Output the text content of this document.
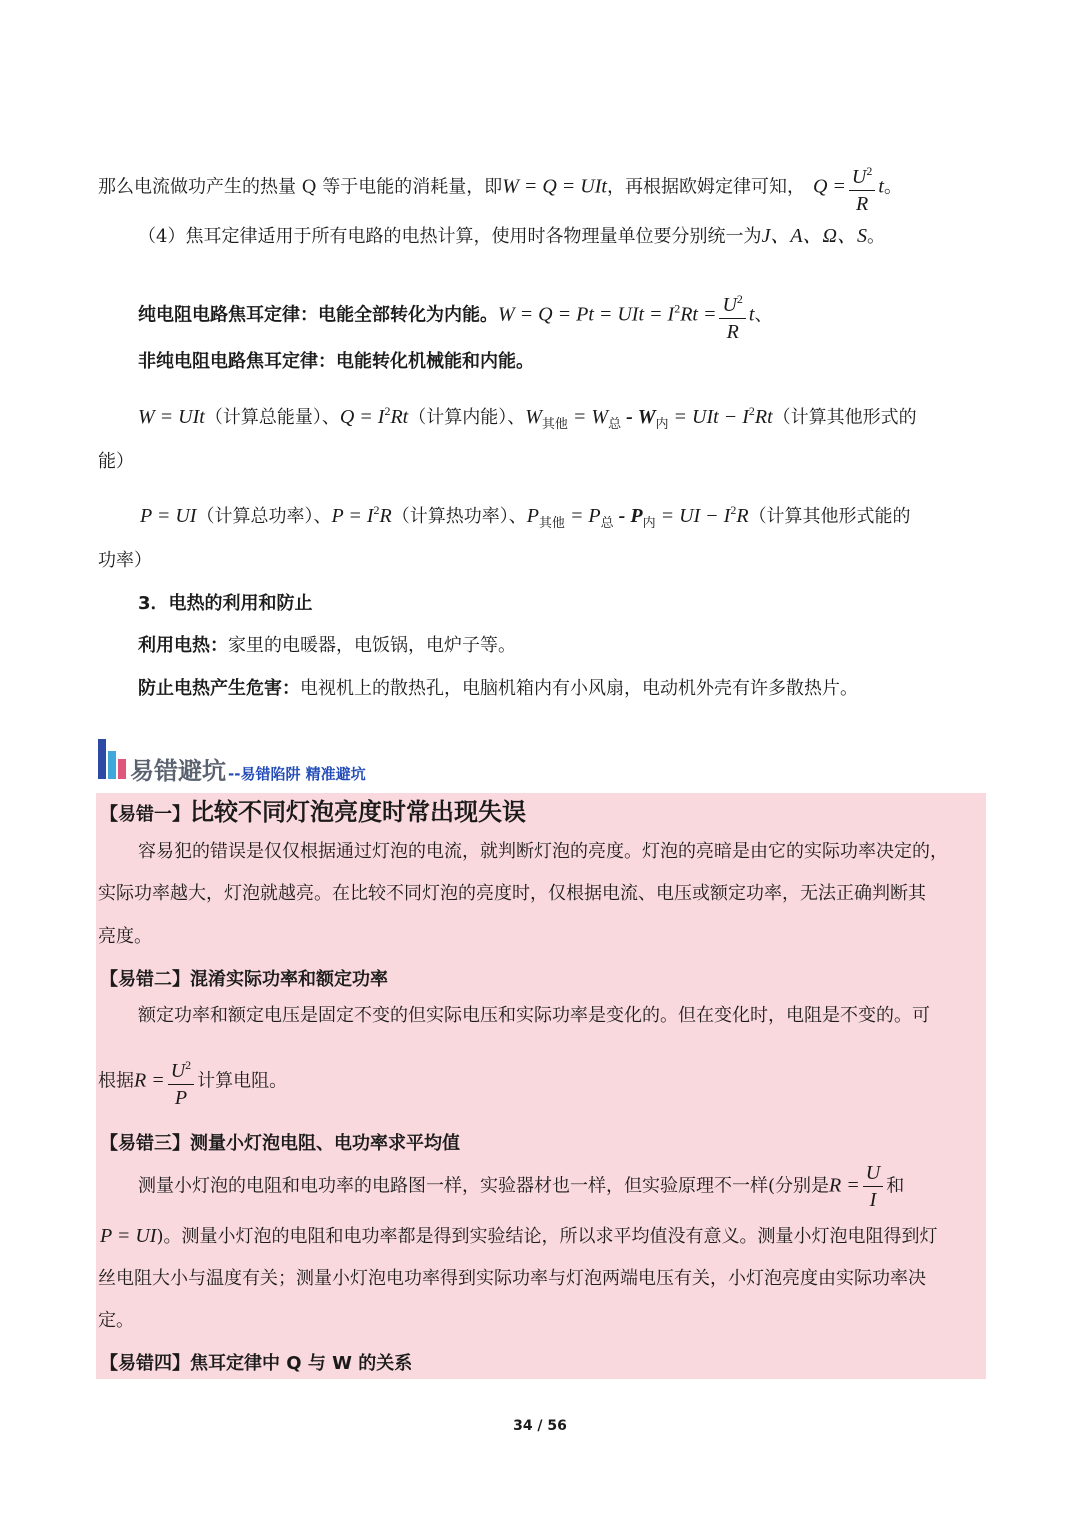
那么电流做功产生的热量 Q 等于电能的消耗量，即W = Q = UIt，再根据欧姆定律可知， $Q = \frac{U^2}{R}$ t。
（4）焦耳定律适用于所有电路的电热计算，使用时各物理量单位要分别统一为J、A、Ω、S。
纯电阻电路焦耳定律：电能全部转化为内能。W = Q = Pt = UIt = $I^2Rt = \frac{U^2}{R}$ t、
非纯电阻电路焦耳定律：电能转化机械能和内能。
W = UIt（计算总能量）、$Q = I^2Rt$（计算内能）、$W_{其他} = W_总 - W_内$ = UIt − $I^2Rt$（计算其他形式的
能）
P = UI（计算总功率）、$P = I^2R$（计算热功率）、$P_{其他} = P_总 - P_内$ = UI − $I^2R$（计算其他形式能的
功率）
3．电热的利用和防止
利用电热：家里的电暖器，电饭锅，电炉子等。
防止电热产生危害：电视机上的散热孔，电脑机箱内有小风扇，电动机外壳有许多散热片。
易错避坑 --易错陷阱 精准避坑
【易错一】比较不同灯泡亮度时常出现失误
容易犯的错误是仅仅根据通过灯泡的电流，就判断灯泡的亮度。灯泡的亮暗是由它的实际功率决定的，
实际功率越大，灯泡就越亮。在比较不同灯泡的亮度时，仅根据电流、电压或额定功率，无法正确判断其
亮度。
【易错二】混淆实际功率和额定功率
额定功率和额定电压是固定不变的但实际电压和实际功率是变化的。但在变化时，电阻是不变的。可
根据$R = \frac{U^2}{P}$ 计算电阻。
【易错三】测量小灯泡电阻、电功率求平均值
测量小灯泡的电阻和电功率的电路图一样，实验器材也一样，但实验原理不一样(分别是$R = \frac{U}{I}$ 和
P = UI)。测量小灯泡的电阻和电功率都是得到实验结论，所以求平均值没有意义。测量小灯泡电阻得到灯
丝电阻大小与温度有关；测量小灯泡电功率得到实际功率与灯泡两端电压有关，小灯泡亮度由实际功率决
定。
【易错四】焦耳定律中 Q 与 W 的关系
34 / 56
